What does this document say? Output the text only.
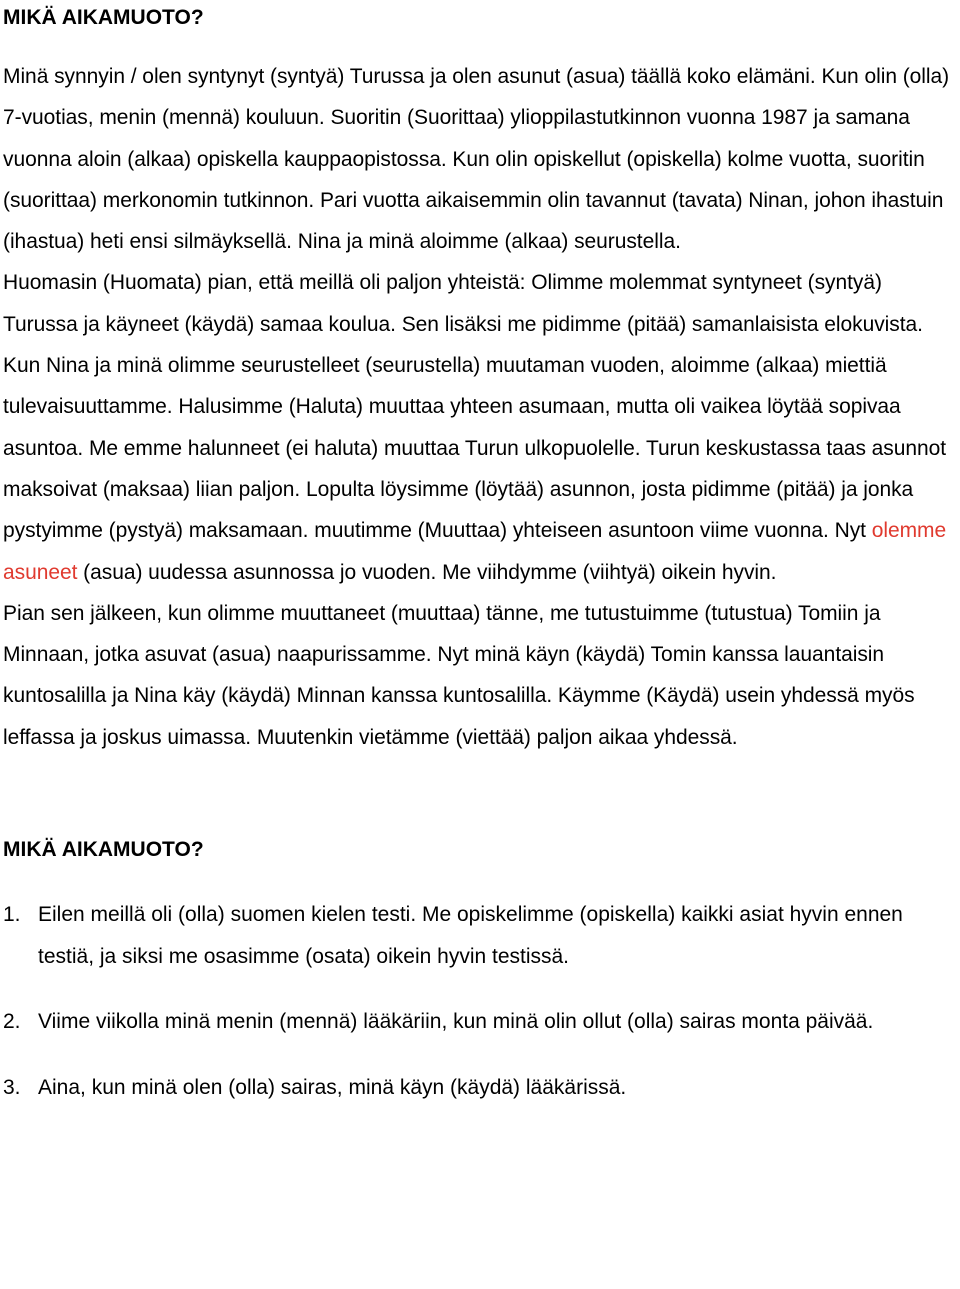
MIKÄ AIKAMUOTO?

Minä synnyin / olen syntynyt (syntyä) Turussa ja olen asunut (asua) täällä koko elämäni. Kun olin (olla) 7-vuotias, menin (mennä) kouluun. Suoritin (Suorittaa) ylioppilastutkinnon vuonna 1987 ja samana vuonna aloin (alkaa) opiskella kauppaopistossa. Kun olin opiskellut (opiskella) kolme vuotta, suoritin (suorittaa) merkonomin tutkinnon. Pari vuotta aikaisemmin olin tavannut (tavata) Ninan, johon ihastuin (ihastua) heti ensi silmäyksellä. Nina ja minä aloimme (alkaa) seurustella.

Huomasin (Huomata) pian, että meillä oli paljon yhteistä: Olimme molemmat syntyneet (syntyä) Turussa ja käyneet (käydä) samaa koulua. Sen lisäksi me pidimme (pitää) samanlaisista elokuvista.

Kun Nina ja minä olimme seurustelleet (seurustella) muutaman vuoden, aloimme (alkaa) miettiä tulevaisuuttamme. Halusimme (Haluta) muuttaa yhteen asumaan, mutta oli vaikea löytää sopivaa asuntoa. Me emme halunneet (ei haluta) muuttaa Turun ulkopuolelle. Turun keskustassa taas asunnot maksoivat (maksaa) liian paljon. Lopulta löysimme (löytää) asunnon, josta pidimme (pitää) ja jonka pystyimme (pystyä) maksamaan. muutimme (Muuttaa) yhteiseen asuntoon viime vuonna. Nyt olemme asuneet (asua) uudessa asunnossa jo vuoden. Me viihdymme (viihtyä) oikein hyvin.

Pian sen jälkeen, kun olimme muuttaneet (muuttaa) tänne, me tutustuimme (tutustua) Tomiin ja Minnaan, jotka asuvat (asua) naapurissamme. Nyt minä käyn (käydä) Tomin kanssa lauantaisin kuntosalilla ja Nina käy (käydä) Minnan kanssa kuntosalilla. Käymme (Käydä) usein yhdessä myös leffassa ja joskus uimassa. Muutenkin vietämme (viettää) paljon aikaa yhdessä.

MIKÄ AIKAMUOTO?
1. Eilen meillä oli (olla) suomen kielen testi. Me opiskelimme (opiskella) kaikki asiat hyvin ennen testiä, ja siksi me osasimme (osata) oikein hyvin testissä.
2. Viime viikolla minä menin (mennä) lääkäriin, kun minä olin ollut (olla) sairas monta päivää.
3. Aina, kun minä olen (olla) sairas, minä käyn (käydä) lääkärissä.
